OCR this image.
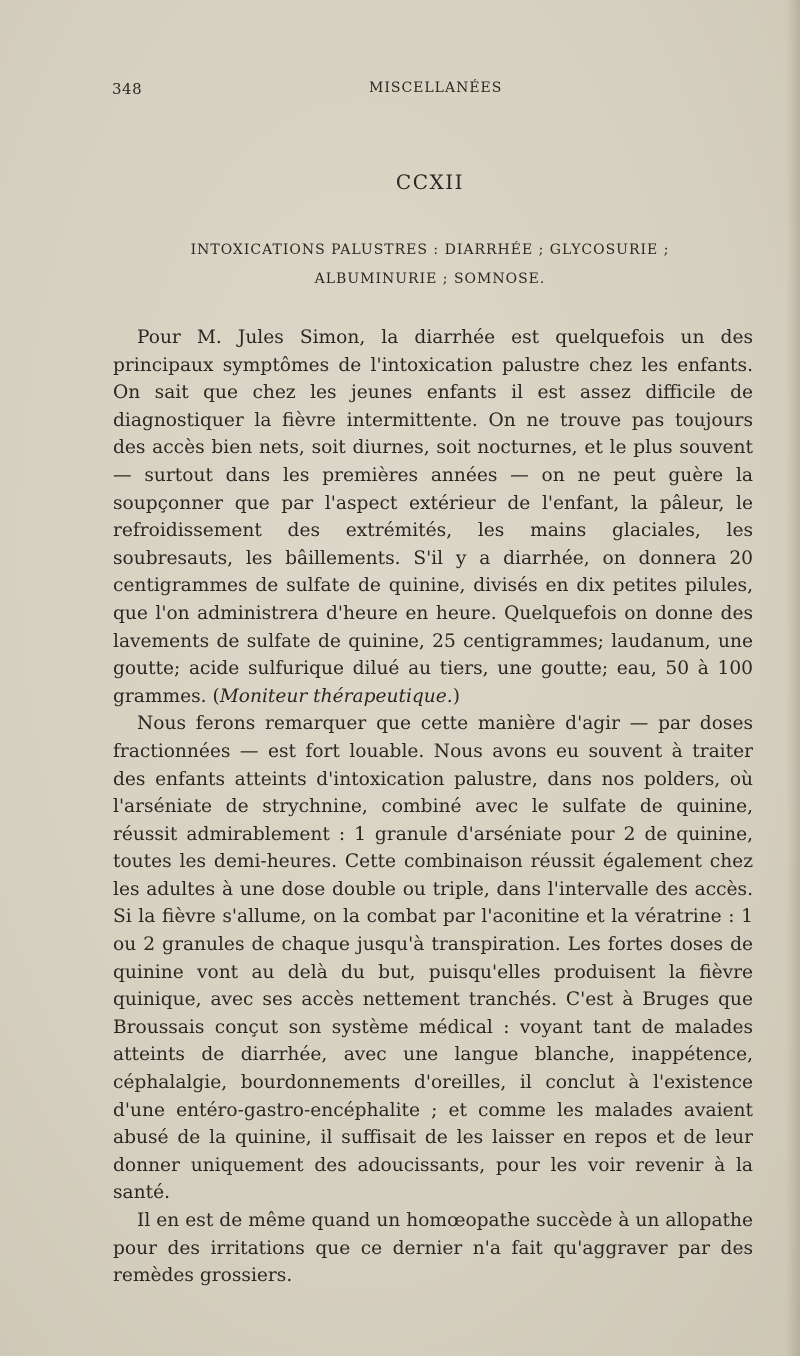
348	MISCELLANÉES
CCXII
INTOXICATIONS PALUSTRES : DIARRHÉE ; GLYCOSURIE ;
ALBUMINURIE ; SOMNOSE.

Pour M. Jules Simon, la diarrhée est quelquefois un des principaux symptômes de l'intoxication palustre chez les enfants. On sait que chez les jeunes enfants il est assez difficile de diagnostiquer la fièvre intermittente. On ne trouve pas toujours des accès bien nets, soit diurnes, soit nocturnes, et le plus souvent — surtout dans les premières années — on ne peut guère la soupçonner que par l'aspect extérieur de l'enfant, la pâleur, le refroidissement des extrémités, les mains glaciales, les soubresauts, les bâillements. S'il y a diarrhée, on donnera 20 centigrammes de sulfate de quinine, divisés en dix petites pilules, que l'on administrera d'heure en heure. Quelquefois on donne des lavements de sulfate de quinine, 25 centigrammes; laudanum, une goutte; acide sulfurique dilué au tiers, une goutte; eau, 50 à 100 grammes. (Moniteur thérapeutique.)

Nous ferons remarquer que cette manière d'agir — par doses fractionnées — est fort louable. Nous avons eu souvent à traiter des enfants atteints d'intoxication palustre, dans nos polders, où l'arséniate de strychnine, combiné avec le sulfate de quinine, réussit admirablement : 1 granule d'arséniate pour 2 de quinine, toutes les demi-heures. Cette combinaison réussit également chez les adultes à une dose double ou triple, dans l'intervalle des accès. Si la fièvre s'allume, on la combat par l'aconitine et la vératrine : 1 ou 2 granules de chaque jusqu'à transpiration. Les fortes doses de quinine vont au delà du but, puisqu'elles produisent la fièvre quinique, avec ses accès nettement tranchés. C'est à Bruges que Broussais conçut son système médical : voyant tant de malades atteints de diarrhée, avec une langue blanche, inappétence, céphalalgie, bourdonnements d'oreilles, il conclut à l'existence d'une entéro-gastro-encéphalite ; et comme les malades avaient abusé de la quinine, il suffisait de les laisser en repos et de leur donner uniquement des adoucissants, pour les voir revenir à la santé.

Il en est de même quand un homœopathe succède à un allopathe pour des irritations que ce dernier n'a fait qu'aggraver par des remèdes grossiers.
